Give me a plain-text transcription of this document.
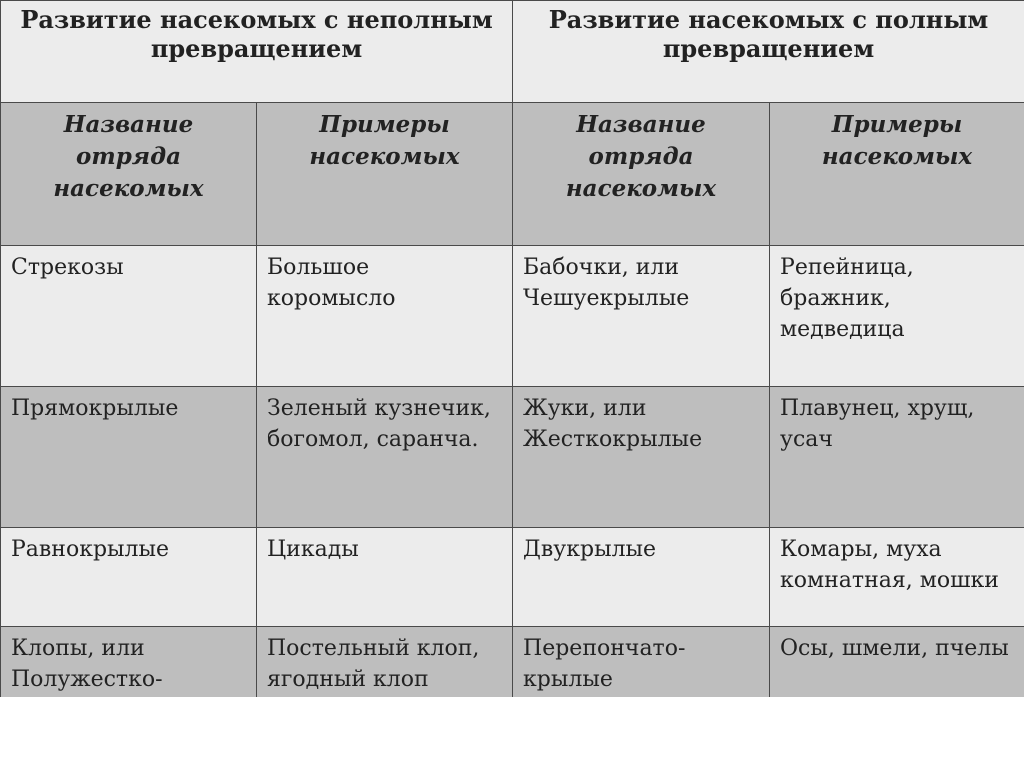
Развитие насекомых с неполным превращением		Развитие насекомых с полным превращением	

Название отряда насекомых	Примеры насекомых	Название отряда насекомых	Примеры насекомых

Стрекозы	Большое коромысло	Бабочки, или Чешуекрылые	Репейница, бражник, медведица

Прямокрылые	Зеленый кузнечик, богомол, саранча.	Жуки, или Жесткокрылые	Плавунец, хрущ, усач

Равнокрылые	Цикады	Двукрылые	Комары, муха комнатная, мошки

Клопы, или Полужестко-	Постельный клоп, ягодный клоп	Перепончато-крылые	Осы, шмели, пчелы
